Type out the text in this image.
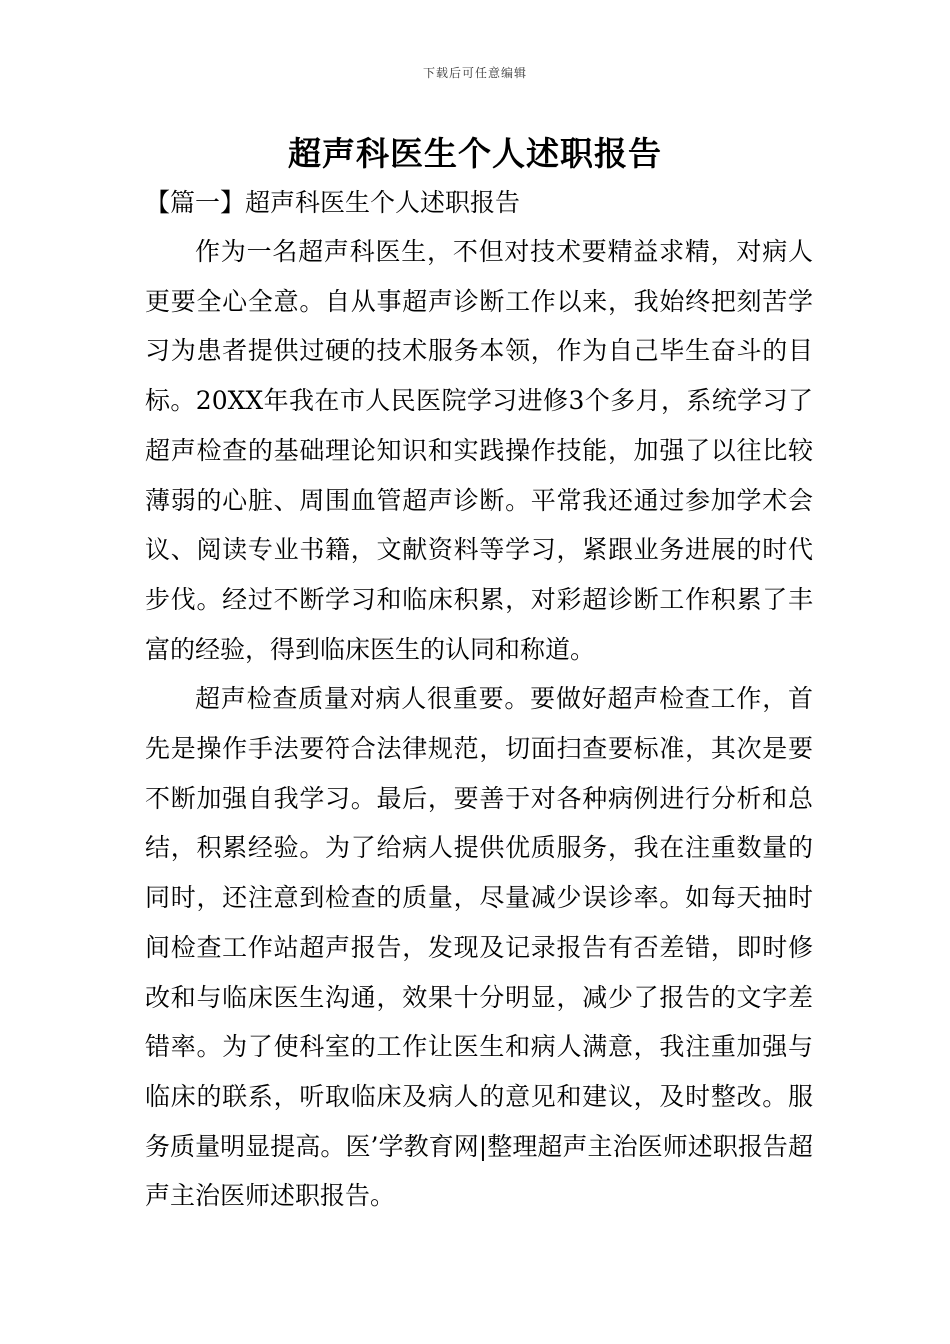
下载后可任意编辑
超声科医生个人述职报告
【篇一】超声科医生个人述职报告

作为一名超声科医生，不但对技术要精益求精，对病人更要全心全意。自从事超声诊断工作以来，我始终把刻苦学习为患者提供过硬的技术服务本领，作为自己毕生奋斗的目标。20XX年我在市人民医院学习进修3个多月，系统学习了超声检查的基础理论知识和实践操作技能，加强了以往比较薄弱的心脏、周围血管超声诊断。平常我还通过参加学术会议、阅读专业书籍，文献资料等学习，紧跟业务进展的时代步伐。经过不断学习和临床积累，对彩超诊断工作积累了丰富的经验，得到临床医生的认同和称道。

超声检查质量对病人很重要。要做好超声检查工作，首先是操作手法要符合法律规范，切面扫查要标准，其次是要不断加强自我学习。最后，要善于对各种病例进行分析和总结，积累经验。为了给病人提供优质服务，我在注重数量的同时，还注意到检查的质量，尽量减少误诊率。如每天抽时间检查工作站超声报告，发现及记录报告有否差错，即时修改和与临床医生沟通，效果十分明显，减少了报告的文字差错率。为了使科室的工作让医生和病人满意，我注重加强与临床的联系，听取临床及病人的意见和建议，及时整改。服务质量明显提高。医’学教育网|整理超声主治医师述职报告超声主治医师述职报告。
